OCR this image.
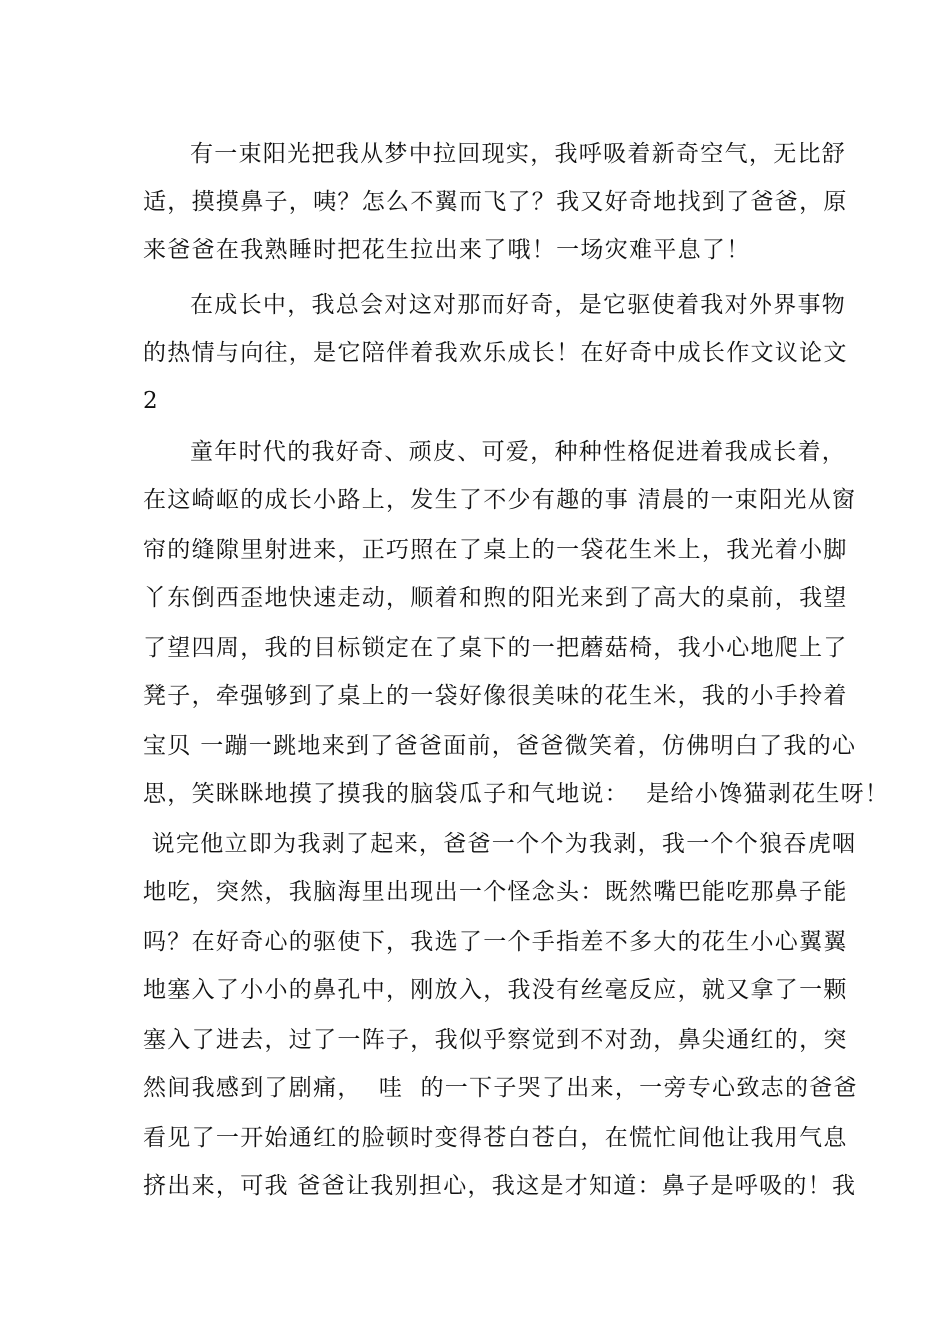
有一束阳光把我从梦中拉回现实，我呼吸着新奇空气，无比舒
适，摸摸鼻子，咦？怎么不翼而飞了？我又好奇地找到了爸爸，原
来爸爸在我熟睡时把花生拉出来了哦！一场灾难平息了！
在成长中，我总会对这对那而好奇，是它驱使着我对外界事物
的热情与向往，是它陪伴着我欢乐成长！在好奇中成长作文议论文
2
童年时代的我好奇、顽皮、可爱，种种性格促进着我成长着，
在这崎岖的成长小路上，发生了不少有趣的事 清晨的一束阳光从窗
帘的缝隙里射进来，正巧照在了桌上的一袋花生米上，我光着小脚
丫东倒西歪地快速走动，顺着和煦的阳光来到了高大的桌前，我望
了望四周，我的目标锁定在了桌下的一把蘑菇椅，我小心地爬上了
凳子，牵强够到了桌上的一袋好像很美味的花生米，我的小手拎着
宝贝 一蹦一跳地来到了爸爸面前，爸爸微笑着，仿佛明白了我的心
思，笑眯眯地摸了摸我的脑袋瓜子和气地说：  是给小馋猫剥花生呀！
说完他立即为我剥了起来，爸爸一个个为我剥，我一个个狼吞虎咽
地吃，突然，我脑海里出现出一个怪念头：既然嘴巴能吃那鼻子能
吗？在好奇心的驱使下，我选了一个手指差不多大的花生小心翼翼
地塞入了小小的鼻孔中，刚放入，我没有丝毫反应，就又拿了一颗
塞入了进去，过了一阵子，我似乎察觉到不对劲，鼻尖通红的，突
然间我感到了剧痛，  哇  的一下子哭了出来，一旁专心致志的爸爸
看见了一开始通红的脸顿时变得苍白苍白，在慌忙间他让我用气息
挤出来，可我 爸爸让我别担心，我这是才知道：鼻子是呼吸的！我
